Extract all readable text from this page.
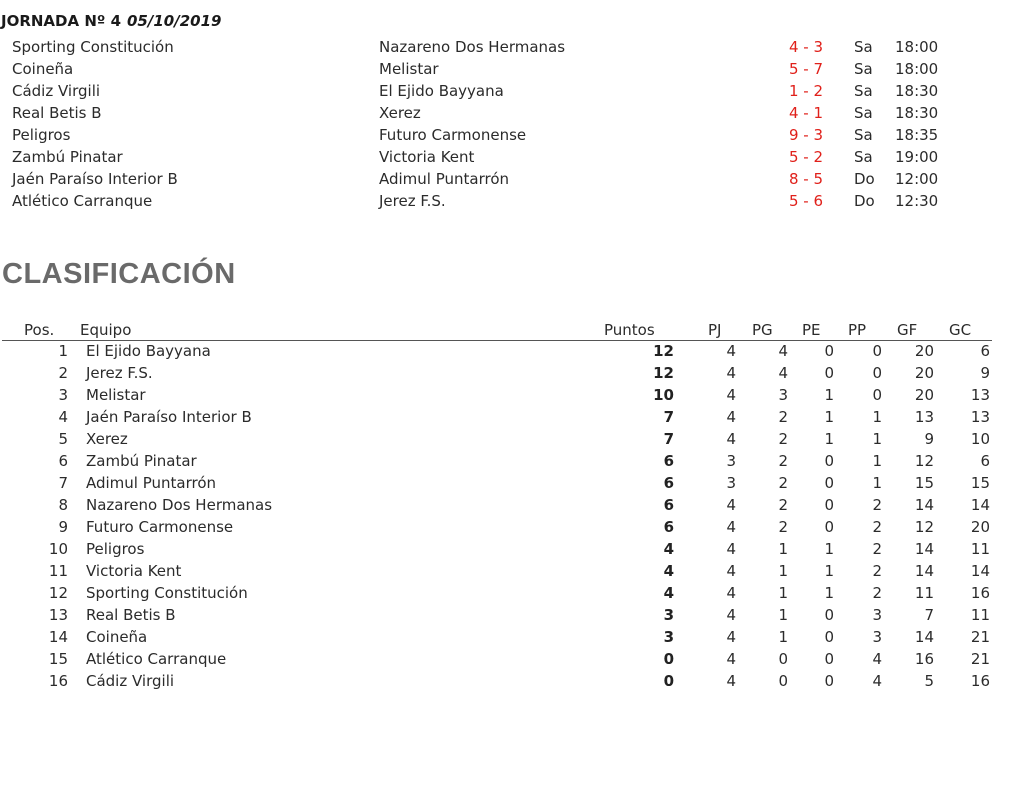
JORNADA Nº 4 05/10/2019
Sporting Constitución	Nazareno Dos Hermanas	4 - 3	Sa 18:00
Coineña	Melistar	5 - 7	Sa 18:00
Cádiz Virgili	El Ejido Bayyana	1 - 2	Sa 18:30
Real Betis B	Xerez	4 - 1	Sa 18:30
Peligros	Futuro Carmonense	9 - 3	Sa 18:35
Zambú Pinatar	Victoria Kent	5 - 2	Sa 19:00
Jaén Paraíso Interior B	Adimul Puntarrón	8 - 5	Do 12:00
Atlético Carranque	Jerez F.S.	5 - 6	Do 12:30
CLASIFICACIÓN
Pos. Equipo	Puntos	PJ PG PE PP GF GC
1 El Ejido Bayyana	12	4	4	0	0	20	6
2 Jerez F.S.	12	4	4	0	0	20	9
3 Melistar	10	4	3	1	0	20	13
4 Jaén Paraíso Interior B	7	4	2	1	1	13	13
5 Xerez	7	4	2	1	1	9	10
6 Zambú Pinatar	6	3	2	0	1	12	6
7 Adimul Puntarrón	6	3	2	0	1	15	15
8 Nazareno Dos Hermanas	6	4	2	0	2	14	14
9 Futuro Carmonense	6	4	2	0	2	12	20
10 Peligros	4	4	1	1	2	14	11
11 Victoria Kent	4	4	1	1	2	14	14
12 Sporting Constitución	4	4	1	1	2	11	16
13 Real Betis B	3	4	1	0	3	7	11
14 Coineña	3	4	1	0	3	14	21
15 Atlético Carranque	0	4	0	0	4	16	21
16 Cádiz Virgili	0	4	0	0	4	5	16
